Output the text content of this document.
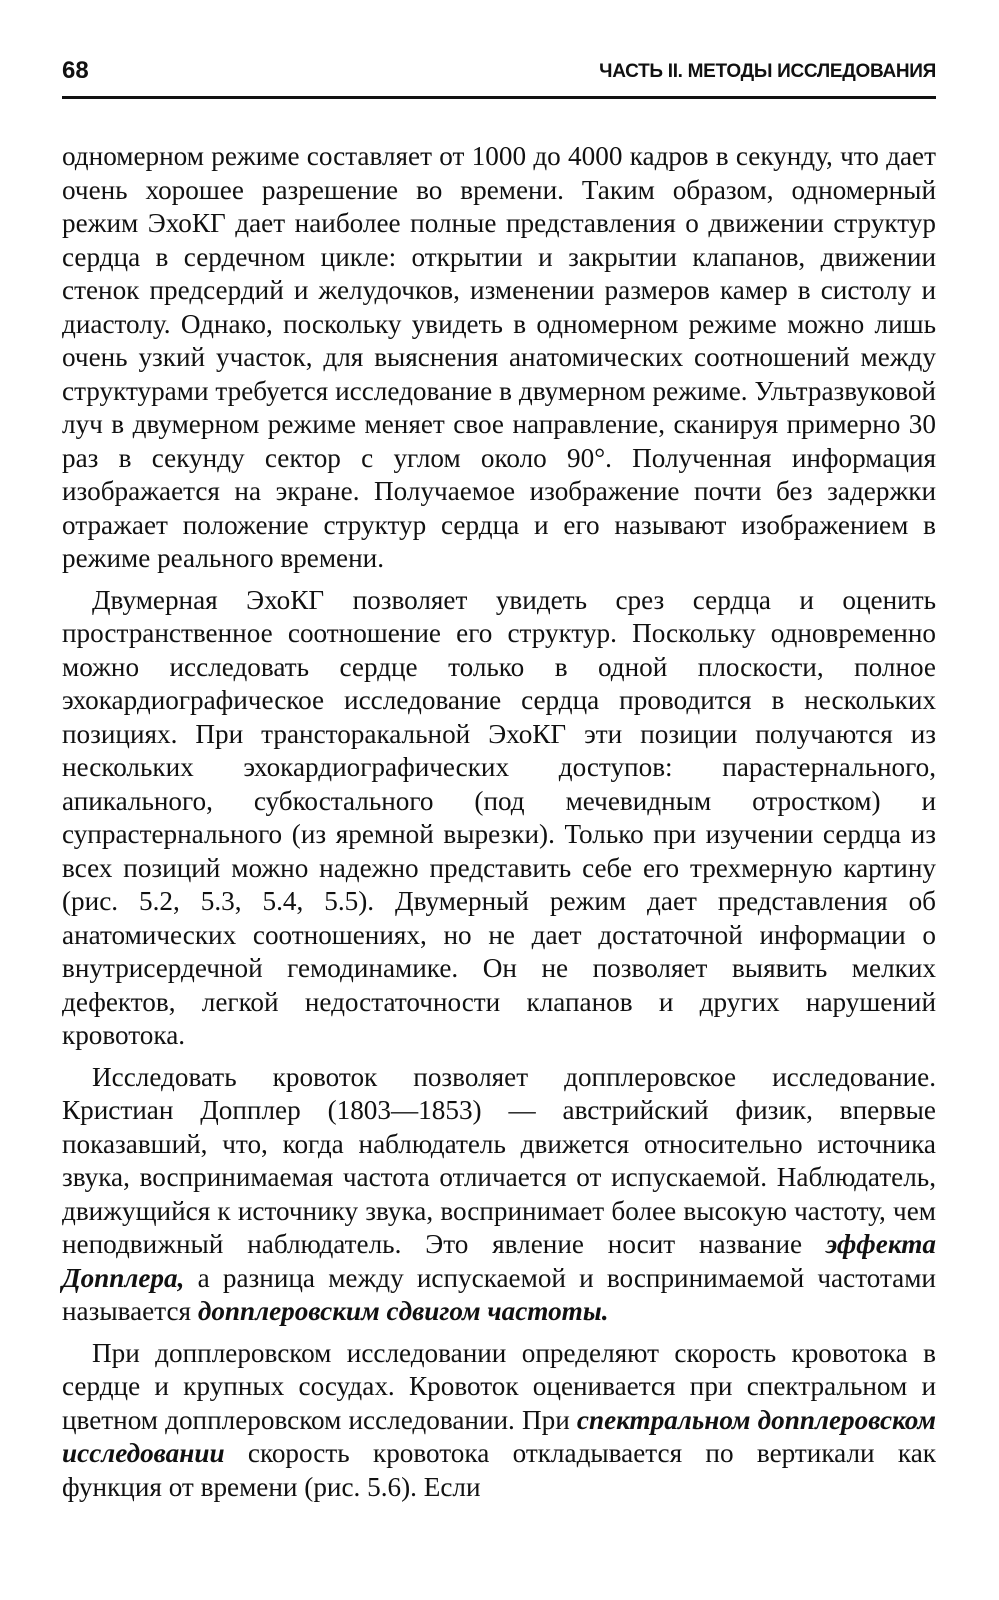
68	ЧАСТЬ II. МЕТОДЫ ИССЛЕДОВАНИЯ

одномерном режиме составляет от 1000 до 4000 кадров в секунду, что дает очень хорошее разрешение во времени. Таким образом, одномерный режим ЭхоКГ дает наиболее полные представления о движении структур сердца в сердечном цикле: открытии и закрытии клапанов, движении стенок предсердий и желудочков, изменении размеров камер в систолу и диастолу. Однако, поскольку увидеть в одномерном режиме можно лишь очень узкий участок, для выяснения анатомических соотношений между структурами требуется исследование в двумерном режиме. Ультразвуковой луч в двумерном режиме меняет свое направление, сканируя примерно 30 раз в секунду сектор с углом около 90°. Полученная информация изображается на экране. Получаемое изображение почти без задержки отражает положение структур сердца и его называют изображением в режиме реального времени.

Двумерная ЭхоКГ позволяет увидеть срез сердца и оценить пространственное соотношение его структур. Поскольку одновременно можно исследовать сердце только в одной плоскости, полное эхокардиографическое исследование сердца проводится в нескольких позициях. При трансторакальной ЭхоКГ эти позиции получаются из нескольких эхокардиографических доступов: парастернального, апикального, субкостального (под мечевидным отростком) и супрастернального (из яремной вырезки). Только при изучении сердца из всех позиций можно надежно представить себе его трехмерную картину (рис. 5.2, 5.3, 5.4, 5.5). Двумерный режим дает представления об анатомических соотношениях, но не дает достаточной информации о внутрисердечной гемодинамике. Он не позволяет выявить мелких дефектов, легкой недостаточности клапанов и других нарушений кровотока.

Исследовать кровоток позволяет допплеровское исследование. Кристиан Допплер (1803—1853) — австрийский физик, впервые показавший, что, когда наблюдатель движется относительно источника звука, воспринимаемая частота отличается от испускаемой. Наблюдатель, движущийся к источнику звука, воспринимает более высокую частоту, чем неподвижный наблюдатель. Это явление носит название эффекта Допплера, а разница между испускаемой и воспринимаемой частотами называется допплеровским сдвигом частоты.

При допплеровском исследовании определяют скорость кровотока в сердце и крупных сосудах. Кровоток оценивается при спектральном и цветном допплеровском исследовании. При спектральном допплеровском исследовании скорость кровотока откладывается по вертикали как функция от времени (рис. 5.6). Если
